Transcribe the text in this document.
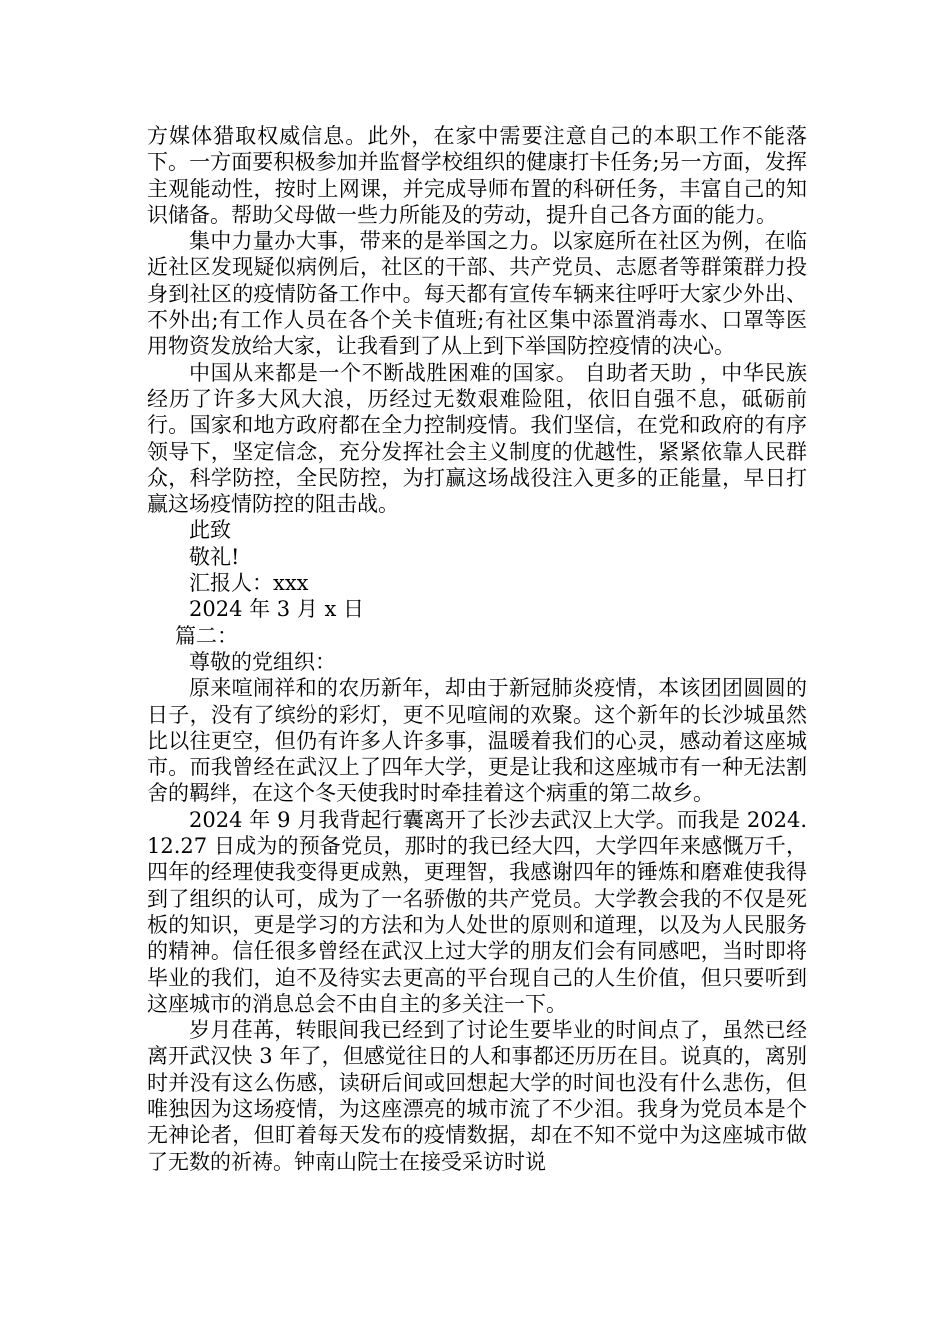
方媒体猎取权威信息。此外，在家中需要注意自己的本职工作不能落下。一方面要积极参加并监督学校组织的健康打卡任务;另一方面，发挥主观能动性，按时上网课，并完成导师布置的科研任务，丰富自己的知识储备。帮助父母做一些力所能及的劳动，提升自己各方面的能力。

集中力量办大事，带来的是举国之力。以家庭所在社区为例，在临近社区发现疑似病例后，社区的干部、共产党员、志愿者等群策群力投身到社区的疫情防备工作中。每天都有宣传车辆来往呼吁大家少外出、不外出;有工作人员在各个关卡值班;有社区集中添置消毒水、口罩等医用物资发放给大家，让我看到了从上到下举国防控疫情的决心。

中国从来都是一个不断战胜困难的国家。 自助者天助 ，中华民族经历了许多大风大浪，历经过无数艰难险阻，依旧自强不息，砥砺前行。国家和地方政府都在全力控制疫情。我们坚信，在党和政府的有序领导下，坚定信念，充分发挥社会主义制度的优越性，紧紧依靠人民群众，科学防控，全民防控，为打赢这场战役注入更多的正能量，早日打赢这场疫情防控的阻击战。

此致

敬礼!

汇报人：xxx

2024 年 3 月 x 日

篇二：

尊敬的党组织：

原来喧闹祥和的农历新年，却由于新冠肺炎疫情，本该团团圆圆的日子，没有了缤纷的彩灯，更不见喧闹的欢聚。这个新年的长沙城虽然比以往更空，但仍有许多人许多事，温暖着我们的心灵，感动着这座城市。而我曾经在武汉上了四年大学，更是让我和这座城市有一种无法割舍的羁绊，在这个冬天使我时时牵挂着这个病重的第二故乡。

2024 年 9 月我背起行囊离开了长沙去武汉上大学。而我是 2024.12.27 日成为的预备党员，那时的我已经大四，大学四年来感慨万千，四年的经理使我变得更成熟，更理智，我感谢四年的锤炼和磨难使我得到了组织的认可，成为了一名骄傲的共产党员。大学教会我的不仅是死板的知识，更是学习的方法和为人处世的原则和道理，以及为人民服务的精神。信任很多曾经在武汉上过大学的朋友们会有同感吧，当时即将毕业的我们，迫不及待实去更高的平台现自己的人生价值，但只要听到这座城市的消息总会不由自主的多关注一下。

岁月荏苒，转眼间我已经到了讨论生要毕业的时间点了，虽然已经离开武汉快 3 年了，但感觉往日的人和事都还历历在目。说真的，离别时并没有这么伤感，读研后间或回想起大学的时间也没有什么悲伤，但唯独因为这场疫情，为这座漂亮的城市流了不少泪。我身为党员本是个无神论者，但盯着每天发布的疫情数据，却在不知不觉中为这座城市做了无数的祈祷。钟南山院士在接受采访时说
